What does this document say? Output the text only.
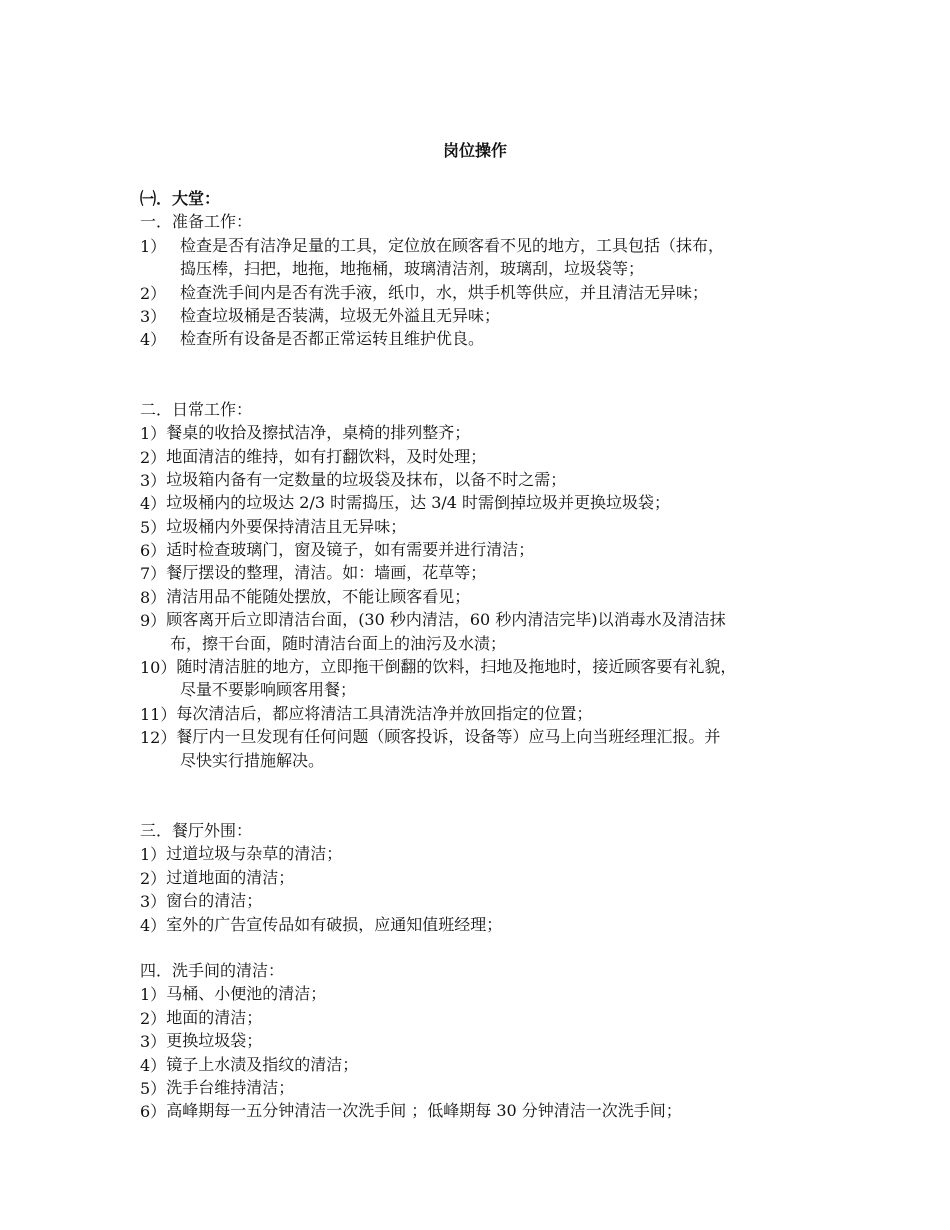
岗位操作
㈠．大堂：
一．准备工作：
1） 检查是否有洁净足量的工具，定位放在顾客看不见的地方，工具包括（抹布，
捣压棒，扫把，地拖，地拖桶，玻璃清洁剂，玻璃刮，垃圾袋等；
2） 检查洗手间内是否有洗手液，纸巾，水，烘手机等供应，并且清洁无异味；
3） 检查垃圾桶是否装满，垃圾无外溢且无异味；
4） 检查所有设备是否都正常运转且维护优良。
二．日常工作：
1） 餐桌的收拾及擦拭洁净，桌椅的排列整齐；
2） 地面清洁的维持，如有打翻饮料，及时处理；
3） 垃圾箱内备有一定数量的垃圾袋及抹布，以备不时之需；
4） 垃圾桶内的垃圾达 2/3 时需捣压，达 3/4 时需倒掉垃圾并更换垃圾袋；
5） 垃圾桶内外要保持清洁且无异味；
6） 适时检查玻璃门，窗及镜子，如有需要并进行清洁；
7） 餐厅摆设的整理，清洁。如：墙画，花草等；
8） 清洁用品不能随处摆放，不能让顾客看见；
9） 顾客离开后立即清洁台面，(30 秒内清洁，60 秒内清洁完毕)以消毒水及清洁抹
布，擦干台面，随时清洁台面上的油污及水渍；
10） 随时清洁脏的地方，立即拖干倒翻的饮料，扫地及拖地时，接近顾客要有礼貌，
尽量不要影响顾客用餐；
11） 每次清洁后，都应将清洁工具清洗洁净并放回指定的位置；
12） 餐厅内一旦发现有任何问题（顾客投诉，设备等）应马上向当班经理汇报。并
尽快实行措施解决。
三．餐厅外围：
1） 过道垃圾与杂草的清洁；
2） 过道地面的清洁；
3） 窗台的清洁；
4） 室外的广告宣传品如有破损，应通知值班经理；
四．洗手间的清洁：
1） 马桶、小便池的清洁；
2） 地面的清洁；
3） 更换垃圾袋；
4） 镜子上水渍及指纹的清洁；
5） 洗手台维持清洁；
6） 高峰期每一五分钟清洁一次洗手间 ；低峰期每 30 分钟清洁一次洗手间；
